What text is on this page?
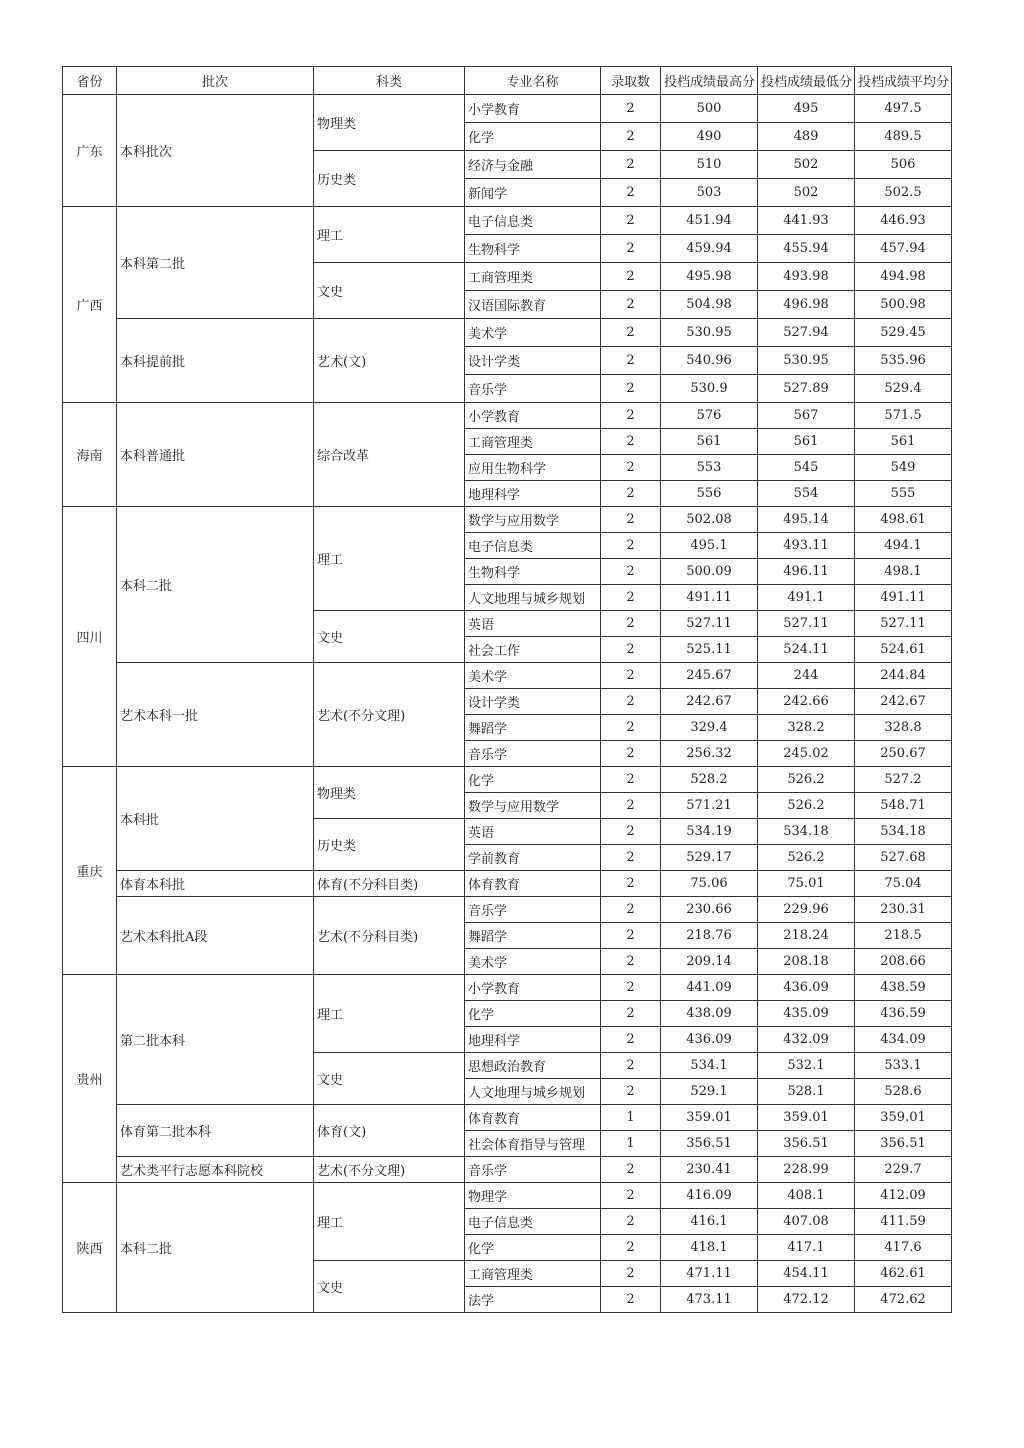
省份	批次	科类	专业名称	录取数	投档成绩最高分	投档成绩最低分	投档成绩平均分
广东	本科批次	物理类	小学教育	2	500	495	497.5
			化学	2	490	489	489.5
		历史类	经济与金融	2	510	502	506
			新闻学	2	503	502	502.5
广西	本科第二批	理工	电子信息类	2	451.94	441.93	446.93
			生物科学	2	459.94	455.94	457.94
		文史	工商管理类	2	495.98	493.98	494.98
			汉语国际教育	2	504.98	496.98	500.98
	本科提前批	艺术(文)	美术学	2	530.95	527.94	529.45
			设计学类	2	540.96	530.95	535.96
			音乐学	2	530.9	527.89	529.4
海南	本科普通批	综合改革	小学教育	2	576	567	571.5
			工商管理类	2	561	561	561
			应用生物科学	2	553	545	549
			地理科学	2	556	554	555
四川	本科二批	理工	数学与应用数学	2	502.08	495.14	498.61
			电子信息类	2	495.1	493.11	494.1
			生物科学	2	500.09	496.11	498.1
			人文地理与城乡规划	2	491.11	491.1	491.11
		文史	英语	2	527.11	527.11	527.11
			社会工作	2	525.11	524.11	524.61
	艺术本科一批	艺术(不分文理)	美术学	2	245.67	244	244.84
			设计学类	2	242.67	242.66	242.67
			舞蹈学	2	329.4	328.2	328.8
			音乐学	2	256.32	245.02	250.67
重庆	本科批	物理类	化学	2	528.2	526.2	527.2
			数学与应用数学	2	571.21	526.2	548.71
		历史类	英语	2	534.19	534.18	534.18
			学前教育	2	529.17	526.2	527.68
	体育本科批	体育(不分科目类)	体育教育	2	75.06	75.01	75.04
	艺术本科批A段	艺术(不分科目类)	音乐学	2	230.66	229.96	230.31
			舞蹈学	2	218.76	218.24	218.5
			美术学	2	209.14	208.18	208.66
贵州	第二批本科	理工	小学教育	2	441.09	436.09	438.59
			化学	2	438.09	435.09	436.59
			地理科学	2	436.09	432.09	434.09
		文史	思想政治教育	2	534.1	532.1	533.1
			人文地理与城乡规划	2	529.1	528.1	528.6
	体育第二批本科	体育(文)	体育教育	1	359.01	359.01	359.01
			社会体育指导与管理	1	356.51	356.51	356.51
	艺术类平行志愿本科院校	艺术(不分文理)	音乐学	2	230.41	228.99	229.7
陕西	本科二批	理工	物理学	2	416.09	408.1	412.09
			电子信息类	2	416.1	407.08	411.59
			化学	2	418.1	417.1	417.6
		文史	工商管理类	2	471.11	454.11	462.61
			法学	2	473.11	472.12	472.62
